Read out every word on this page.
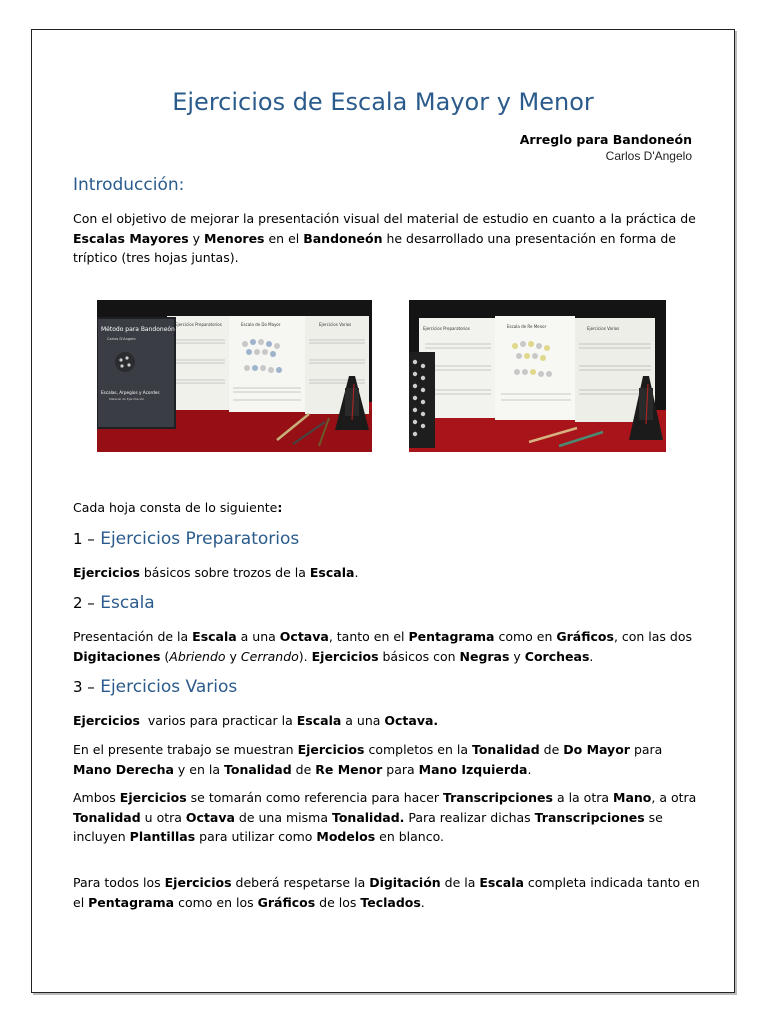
Ejercicios de Escala Mayor y Menor
Arreglo para Bandoneón
Carlos D'Angelo
Introducción:

Con el objetivo de mejorar la presentación visual del material de estudio en cuanto a la práctica de Escalas Mayores y Menores en el Bandoneón he desarrollado una presentación en forma de tríptico (tres hojas juntas).

Ejercicios Preparatorios	Escala de Do Mayor	Ejercicios Varios
Método para Bandoneón
Carlos D'Angelo
Escalas, Arpegios y Acordes
Material de Ejercitación
Ejercicios Preparatorios	Escala de Re Menor	Ejercicios Varios

Cada hoja consta de lo siguiente:

1 – Ejercicios Preparatorios

Ejercicios básicos sobre trozos de la Escala.

2 – Escala

Presentación de la Escala a una Octava, tanto en el Pentagrama como en Gráficos, con las dos Digitaciones (Abriendo y Cerrando). Ejercicios básicos con Negras y Corcheas.

3 – Ejercicios Varios

Ejercicios  varios para practicar la Escala a una Octava.

En el presente trabajo se muestran Ejercicios completos en la Tonalidad de Do Mayor para Mano Derecha y en la Tonalidad de Re Menor para Mano Izquierda.

Ambos Ejercicios se tomarán como referencia para hacer Transcripciones a la otra Mano, a otra Tonalidad u otra Octava de una misma Tonalidad. Para realizar dichas Transcripciones se incluyen Plantillas para utilizar como Modelos en blanco.

Para todos los Ejercicios deberá respetarse la Digitación de la Escala completa indicada tanto en el Pentagrama como en los Gráficos de los Teclados.
